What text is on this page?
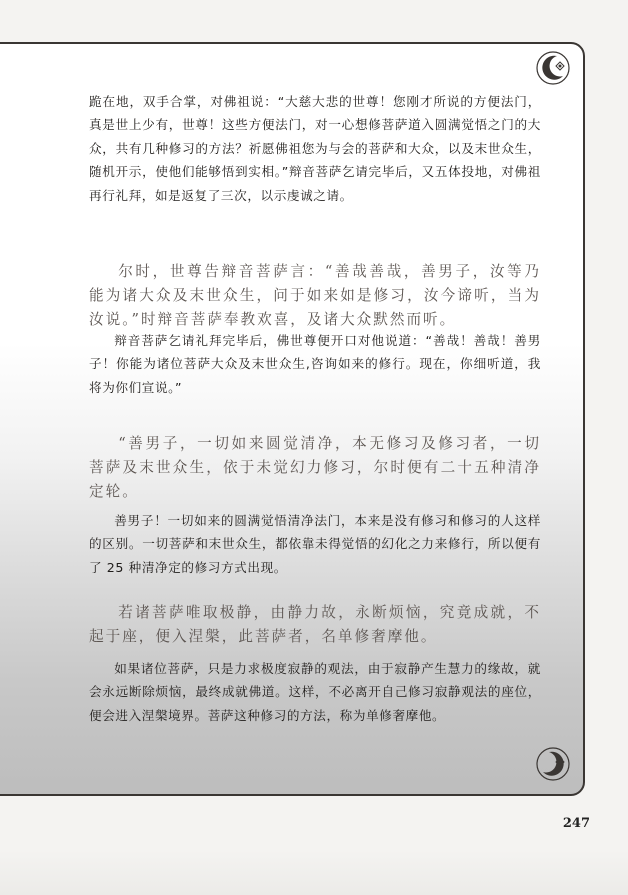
跪在地，双手合掌，对佛祖说：“大慈大悲的世尊！您刚才所说的方便法门，真是世上少有，世尊！这些方便法门，对一心想修菩萨道入圆满觉悟之门的大众，共有几种修习的方法？祈愿佛祖您为与会的菩萨和大众，以及末世众生，随机开示，使他们能够悟到实相。”辩音菩萨乞请完毕后，又五体投地，对佛祖再行礼拜，如是返复了三次，以示虔诚之请。

尔时，世尊告辩音菩萨言：“善哉善哉，善男子，汝等乃能为诸大众及末世众生，问于如来如是修习，汝今谛听，当为汝说。”时辩音菩萨奉教欢喜，及诸大众默然而听。

辩音菩萨乞请礼拜完毕后，佛世尊便开口对他说道：“善哉！善哉！善男子！你能为诸位菩萨大众及末世众生,咨询如来的修行。现在，你细听道，我将为你们宣说。”

“善男子，一切如来圆觉清净，本无修习及修习者，一切菩萨及末世众生，依于未觉幻力修习，尔时便有二十五种清净定轮。

善男子！一切如来的圆满觉悟清净法门，本来是没有修习和修习的人这样的区别。一切菩萨和末世众生，都依靠未得觉悟的幻化之力来修行，所以便有了 25 种清净定的修习方式出现。

若诸菩萨唯取极静，由静力故，永断烦恼，究竟成就，不起于座，便入涅槃，此菩萨者，名单修奢摩他。

如果诸位菩萨，只是力求极度寂静的观法，由于寂静产生慧力的缘故，就会永远断除烦恼，最终成就佛道。这样，不必离开自己修习寂静观法的座位，便会进入涅槃境界。菩萨这种修习的方法，称为单修奢摩他。

247
